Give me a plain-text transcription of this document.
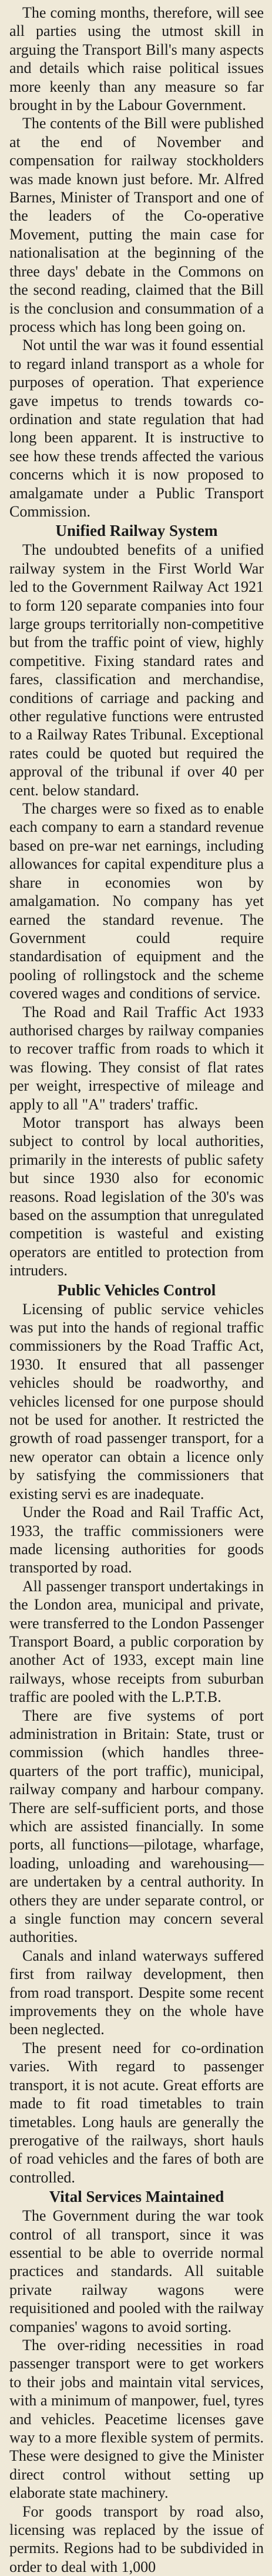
The coming months, therefore, will see all parties using the utmost skill in arguing the Transport Bill's many aspects and details which raise political issues more keenly than any measure so far brought in by the Labour Government.

The contents of the Bill were published at the end of November and compensation for railway stockholders was made known just before. Mr. Alfred Barnes, Minister of Transport and one of the leaders of the Co-operative Movement, putting the main case for nationalisation at the beginning of the three days' debate in the Commons on the second reading, claimed that the Bill is the conclusion and consummation of a process which has long been going on.

Not until the war was it found essential to regard inland transport as a whole for purposes of operation. That experience gave impetus to trends towards co-ordination and state regulation that had long been apparent. It is instructive to see how these trends affected the various concerns which it is now proposed to amalgamate under a Public Transport Commission.

Unified Railway System

The undoubted benefits of a unified railway system in the First World War led to the Government Railway Act 1921 to form 120 separate companies into four large groups territorially non-competitive but from the traffic point of view, highly competitive. Fixing standard rates and fares, classification and merchandise, conditions of carriage and packing and other regulative functions were entrusted to a Railway Rates Tribunal. Exceptional rates could be quoted but required the approval of the tribunal if over 40 per cent. below standard.

The charges were so fixed as to enable each company to earn a standard revenue based on pre-war net earnings, including allowances for capital expenditure plus a share in economies won by amalgamation. No company has yet earned the standard revenue. The Government could require standardisation of equipment and the pooling of rollingstock and the scheme covered wages and conditions of service.

The Road and Rail Traffic Act 1933 authorised charges by railway companies to recover traffic from roads to which it was flowing. They consist of flat rates per weight, irrespective of mileage and apply to all "A" traders' traffic.

Motor transport has always been subject to control by local authorities, primarily in the interests of public safety but since 1930 also for economic reasons. Road legislation of the 30's was based on the assumption that unregulated competition is wasteful and existing operators are entitled to protection from intruders.

Public Vehicles Control

Licensing of public service vehicles was put into the hands of regional traffic commissioners by the Road Traffic Act, 1930. It ensured that all passenger vehicles should be roadworthy, and vehicles licensed for one purpose should not be used for another. It restricted the growth of road passenger transport, for a new operator can obtain a licence only by satisfying the commissioners that existing servi es are inadequate.

Under the Road and Rail Traffic Act, 1933, the traffic commissioners were made licensing authorities for goods transported by road.

All passenger transport undertakings in the London area, municipal and private, were transferred to the London Passenger Transport Board, a public corporation by another Act of 1933, except main line railways, whose receipts from suburban traffic are pooled with the L.P.T.B.

There are five systems of port administration in Britain: State, trust or commission (which handles three-quarters of the port traffic), municipal, railway company and harbour company. There are self-sufficient ports, and those which are assisted financially. In some ports, all functions—pilotage, wharfage, loading, unloading and warehousing—are undertaken by a central authority. In others they are under separate control, or a single function may concern several authorities.

Canals and inland waterways suffered first from railway development, then from road transport. Despite some recent improvements they on the whole have been neglected.

The present need for co-ordination varies. With regard to passenger transport, it is not acute. Great efforts are made to fit road timetables to train timetables. Long hauls are generally the prerogative of the railways, short hauls of road vehicles and the fares of both are controlled.

Vital Services Maintained

The Government during the war took control of all transport, since it was essential to be able to override normal practices and standards. All suitable private railway wagons were requisitioned and pooled with the railway companies' wagons to avoid sorting.

The over-riding necessities in road passenger transport were to get workers to their jobs and maintain vital services, with a minimum of manpower, fuel, tyres and vehicles. Peacetime licenses gave way to a more flexible system of permits. These were designed to give the Minister direct control without setting up elaborate state machinery.

For goods transport by road also, licensing was replaced by the issue of permits. Regions had to be subdivided in order to deal with 1,000
